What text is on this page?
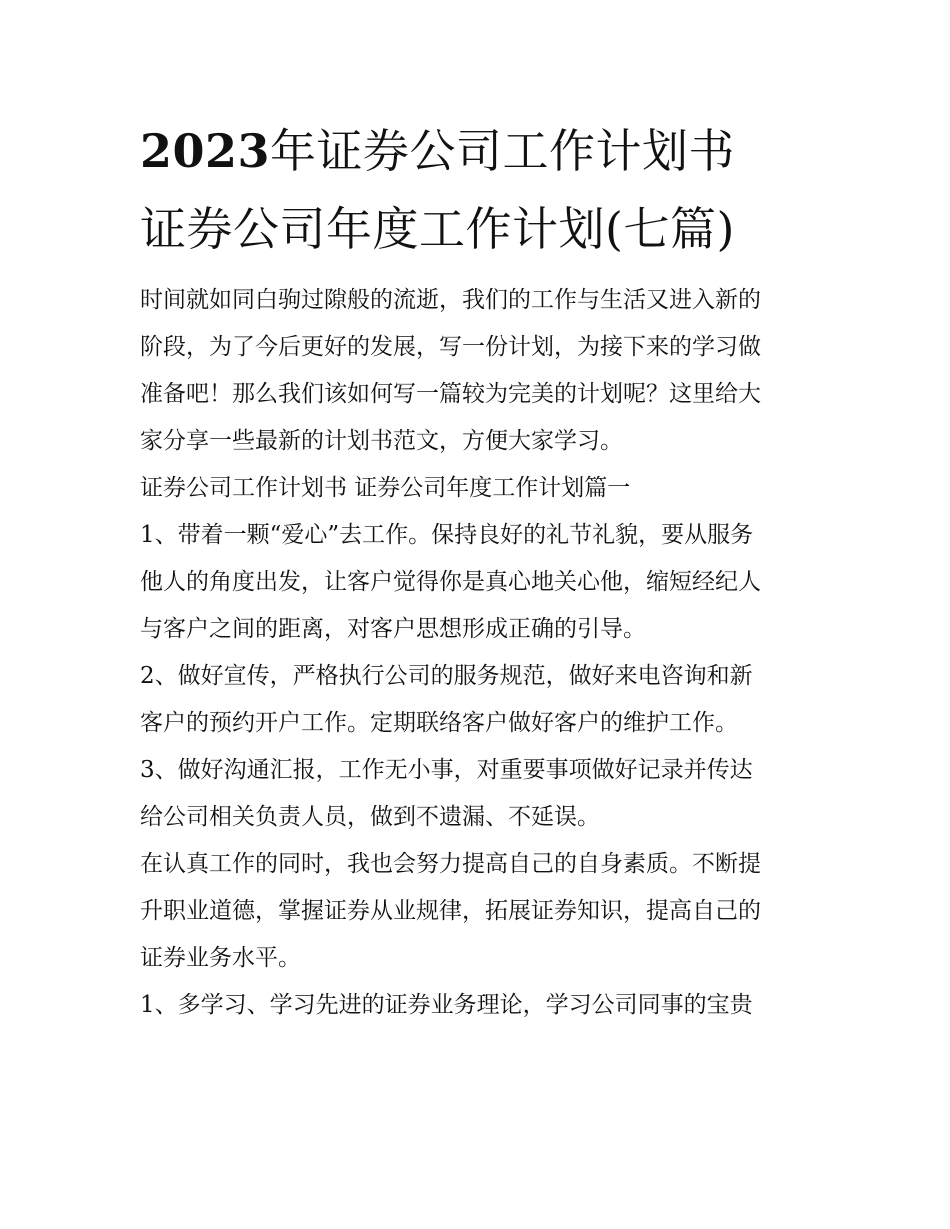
2023年证券公司工作计划书
证券公司年度工作计划(七篇)

时间就如同白驹过隙般的流逝，我们的工作与生活又进入新的
阶段，为了今后更好的发展，写一份计划，为接下来的学习做
准备吧！那么我们该如何写一篇较为完美的计划呢？这里给大
家分享一些最新的计划书范文，方便大家学习。

证券公司工作计划书 证券公司年度工作计划篇一

1、带着一颗“爱心”去工作。保持良好的礼节礼貌，要从服务
他人的角度出发，让客户觉得你是真心地关心他，缩短经纪人
与客户之间的距离，对客户思想形成正确的引导。

2、做好宣传，严格执行公司的服务规范，做好来电咨询和新
客户的预约开户工作。定期联络客户做好客户的维护工作。

3、做好沟通汇报，工作无小事，对重要事项做好记录并传达
给公司相关负责人员，做到不遗漏、不延误。

在认真工作的同时，我也会努力提高自己的自身素质。不断提
升职业道德，掌握证券从业规律，拓展证券知识，提高自己的
证券业务水平。

1、多学习、学习先进的证券业务理论，学习公司同事的宝贵
